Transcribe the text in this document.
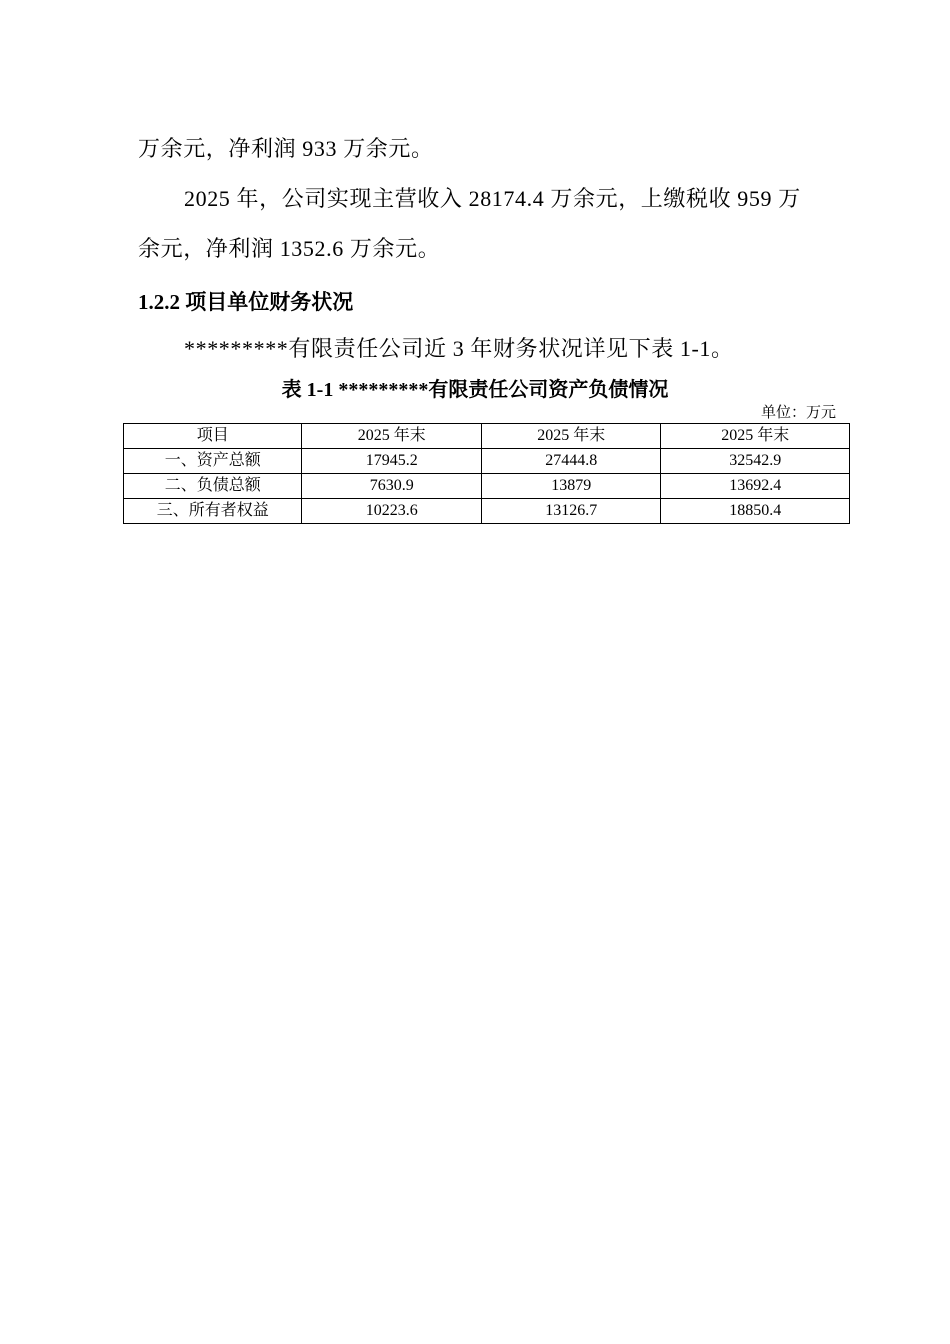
万余元，净利润 933 万余元。
2025 年，公司实现主营收入 28174.4 万余元，上缴税收 959 万
余元，净利润 1352.6 万余元。
1.2.2 项目单位财务状况
*********有限责任公司近 3 年财务状况详见下表 1-1。
表 1-1 *********有限责任公司资产负债情况
单位：万元
项目	2025 年末	2025 年末	2025 年末
一、资产总额	17945.2	27444.8	32542.9
二、负债总额	7630.9	13879	13692.4
三、所有者权益	10223.6	13126.7	18850.4
